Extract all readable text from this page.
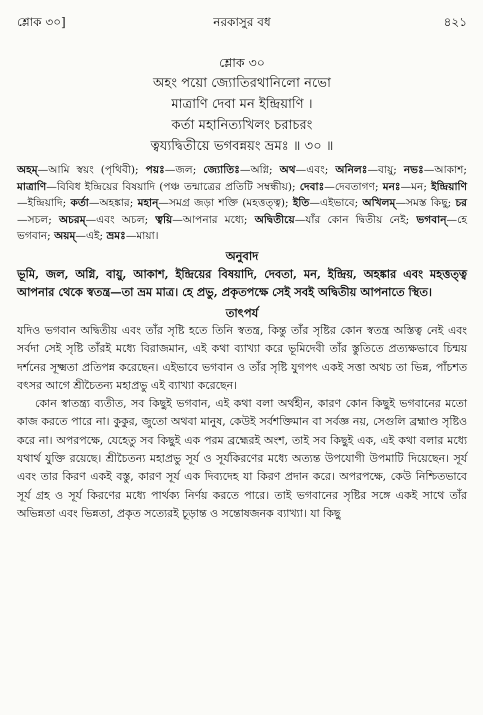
শ্লোক ৩০]	নরকাসুর বধ	৪২১
শ্লোক ৩০
অহং পয়ো জ্যোতিরথানিলো নভো
মাত্রাণি দেবা মন ইন্দ্রিয়াণি ।
কর্তা মহানিত্যখিলং চরাচরং
ত্বয্যদ্বিতীয়ে ভগবন্নয়ং ভ্রমঃ ॥ ৩০ ॥
অহম্—আমি স্বয়ং (পৃথিবী); পয়ঃ—জল; জ্যোতিঃ—অগ্নি; অথ—এবং; অনিলঃ—বায়ু; নভঃ—আকাশ; মাত্রাণি—বিবিধ ইন্দ্রিয়ের বিষয়াদি (পঞ্চ তন্মাত্রের প্রতিটি সম্বন্ধীয়); দেবাঃ—দেবতাগণ; মনঃ—মন; ইন্দ্রিয়াণি—ইন্দ্রিয়াদি; কর্তা—অহঙ্কার; মহান্—সমগ্র জড়া শক্তি (মহত্তত্ত্ব); ইতি—এইভাবে; অখিলম্—সমস্ত কিছু; চর—সচল; অচরম্—এবং অচল; ত্বয়ি—আপনার মধ্যে; অদ্বিতীয়ে—যাঁর কোন দ্বিতীয় নেই; ভগবান্—হে ভগবান; অয়ম্—এই; ভ্রমঃ—মায়া।
অনুবাদ
ভূমি, জল, অগ্নি, বায়ু, আকাশ, ইন্দ্রিয়ের বিষয়াদি, দেবতা, মন, ইন্দ্রিয়, অহঙ্কার এবং মহত্তত্ত্ব আপনার থেকে স্বতন্ত্র—তা ভ্রম মাত্র। হে প্রভু, প্রকৃতপক্ষে সেই সবই অদ্বিতীয় আপনাতে স্থিত।
তাৎপর্য

যদিও ভগবান অদ্বিতীয় এবং তাঁর সৃষ্টি হতে তিনি স্বতন্ত্র, কিন্তু তাঁর সৃষ্টির কোন স্বতন্ত্র অস্তিত্ব নেই এবং সর্বদা সেই সৃষ্টি তাঁরই মধ্যে বিরাজমান, এই কথা ব্যাখ্যা করে ভূমিদেবী তাঁর স্তুতিতে প্রত্যক্ষভাবে চিন্ময় দর্শনের সূক্ষ্মতা প্রতিপন্ন করেছেন। এইভাবে ভগবান ও তাঁর সৃষ্টি যুগপৎ একই সত্তা অথচ তা ভিন্ন, পাঁচশত বৎসর আগে শ্রীচৈতন্য মহাপ্রভু এই ব্যাখ্যা করেছেন।

কোন স্বাতন্ত্র্য ব্যতীত, সব কিছুই ভগবান, এই কথা বলা অর্থহীন, কারণ কোন কিছুই ভগবানের মতো কাজ করতে পারে না। কুকুর, জুতো অথবা মানুষ, কেউই সর্বশক্তিমান বা সর্বজ্ঞ নয়, সেগুলি ব্রহ্মাণ্ড সৃষ্টিও করে না। অপরপক্ষে, যেহেতু সব কিছুই এক পরম ব্রহ্মেরই অংশ, তাই সব কিছুই এক, এই কথা বলার মধ্যে যথার্থ যুক্তি রয়েছে। শ্রীচৈতন্য মহাপ্রভু সূর্য ও সূর্যকিরণের মধ্যে অত্যন্ত উপযোগী উপমাটি দিয়েছেন। সূর্য এবং তার কিরণ একই বস্তু, কারণ সূর্য এক দিব্যদেহ যা কিরণ প্রদান করে। অপরপক্ষে, কেউ নিশ্চিতভাবে সূর্য গ্রহ ও সূর্য কিরণের মধ্যে পার্থক্য নির্ণয় করতে পারে। তাই ভগবানের সৃষ্টির সঙ্গে একই সাথে তাঁর অভিন্নতা এবং ভিন্নতা, প্রকৃত সত্যেরই চূড়ান্ত ও সন্তোষজনক ব্যাখ্যা। যা কিছু
